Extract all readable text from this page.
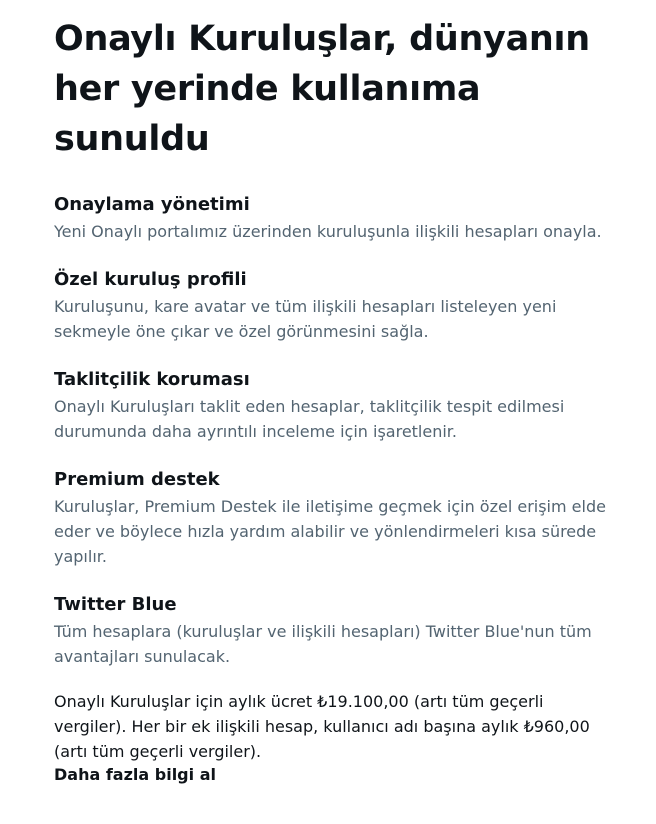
Onaylı Kuruluşlar, dünyanın her yerinde kullanıma sunuldu
Onaylama yönetimi

Yeni Onaylı portalımız üzerinden kuruluşunla ilişkili hesapları onayla.

Özel kuruluş profili

Kuruluşunu, kare avatar ve tüm ilişkili hesapları listeleyen yeni sekmeyle öne çıkar ve özel görünmesini sağla.

Taklitçilik koruması

Onaylı Kuruluşları taklit eden hesaplar, taklitçilik tespit edilmesi durumunda daha ayrıntılı inceleme için işaretlenir.

Premium destek

Kuruluşlar, Premium Destek ile iletişime geçmek için özel erişim elde eder ve böylece hızla yardım alabilir ve yönlendirmeleri kısa sürede yapılır.

Twitter Blue

Tüm hesaplara (kuruluşlar ve ilişkili hesapları) Twitter Blue'nun tüm avantajları sunulacak.

Onaylı Kuruluşlar için aylık ücret ₺19.100,00 (artı tüm geçerli vergiler). Her bir ek ilişkili hesap, kullanıcı adı başına aylık ₺960,00 (artı tüm geçerli vergiler).

Daha fazla bilgi al
